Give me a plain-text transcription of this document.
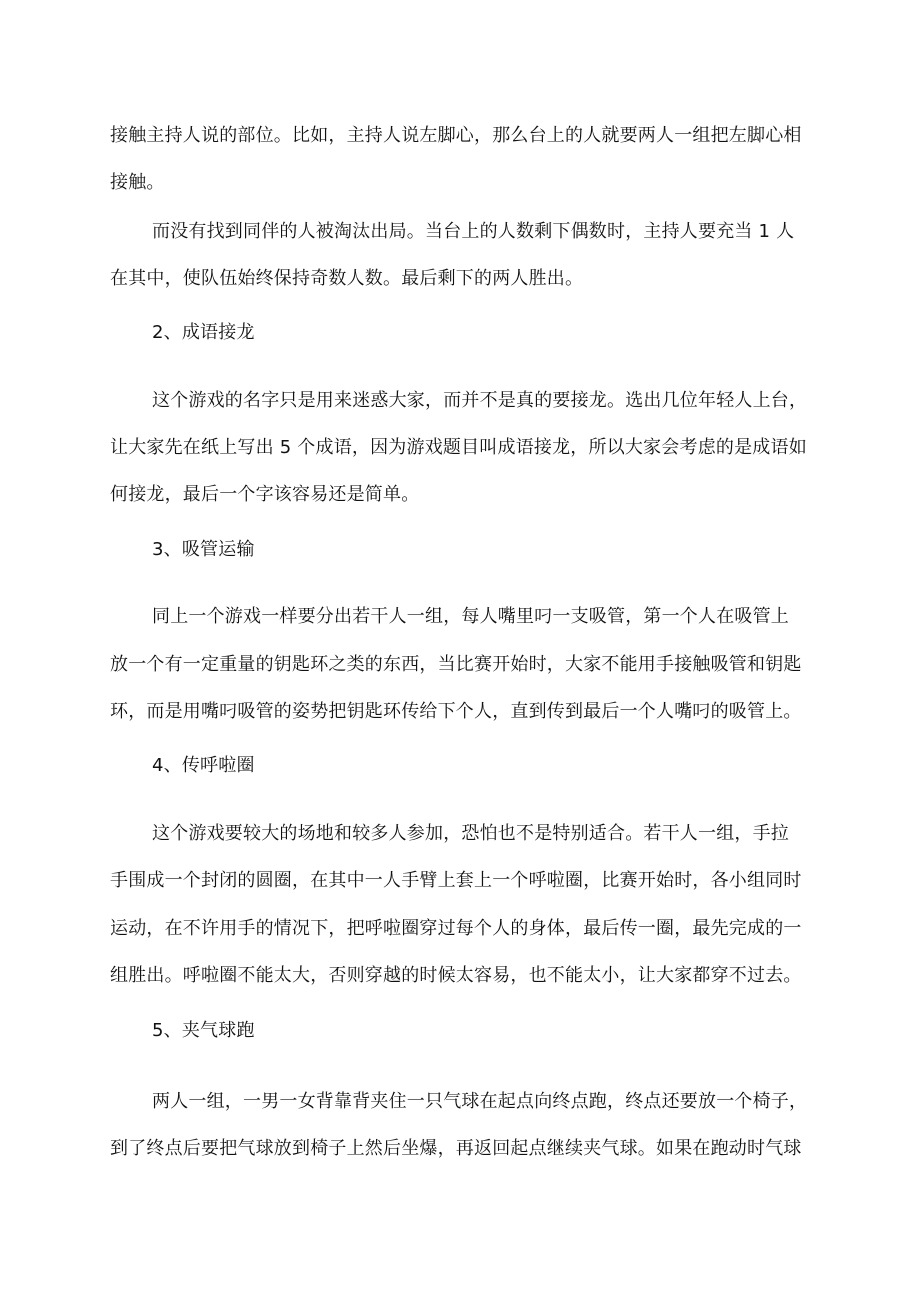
接触主持人说的部位。比如，主持人说左脚心，那么台上的人就要两人一组把左脚心相
接触。
而没有找到同伴的人被淘汰出局。当台上的人数剩下偶数时，主持人要充当 1 人
在其中，使队伍始终保持奇数人数。最后剩下的两人胜出。
2、成语接龙
这个游戏的名字只是用来迷惑大家，而并不是真的要接龙。选出几位年轻人上台，
让大家先在纸上写出 5 个成语，因为游戏题目叫成语接龙，所以大家会考虑的是成语如
何接龙，最后一个字该容易还是简单。
3、吸管运输
同上一个游戏一样要分出若干人一组，每人嘴里叼一支吸管，第一个人在吸管上
放一个有一定重量的钥匙环之类的东西，当比赛开始时，大家不能用手接触吸管和钥匙
环，而是用嘴叼吸管的姿势把钥匙环传给下个人，直到传到最后一个人嘴叼的吸管上。
4、传呼啦圈
这个游戏要较大的场地和较多人参加，恐怕也不是特别适合。若干人一组，手拉
手围成一个封闭的圆圈，在其中一人手臂上套上一个呼啦圈，比赛开始时，各小组同时
运动，在不许用手的情况下，把呼啦圈穿过每个人的身体，最后传一圈，最先完成的一
组胜出。呼啦圈不能太大，否则穿越的时候太容易，也不能太小，让大家都穿不过去。
5、夹气球跑
两人一组，一男一女背靠背夹住一只气球在起点向终点跑，终点还要放一个椅子，
到了终点后要把气球放到椅子上然后坐爆，再返回起点继续夹气球。如果在跑动时气球
